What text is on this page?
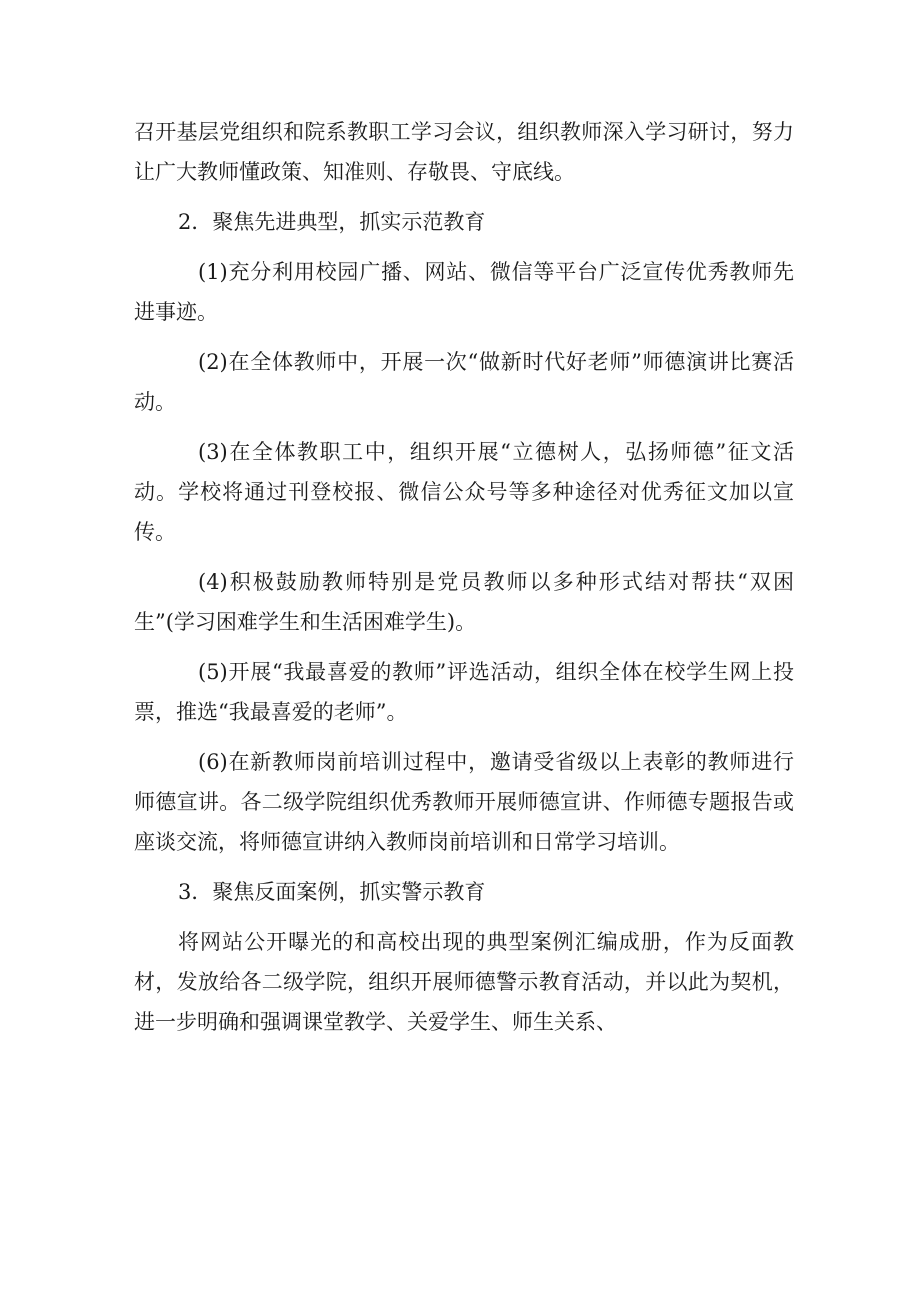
召开基层党组织和院系教职工学习会议，组织教师深入学习研讨，努力让广大教师懂政策、知准则、存敬畏、守底线。

2．聚焦先进典型，抓实示范教育

(1)充分利用校园广播、网站、微信等平台广泛宣传优秀教师先进事迹。

(2)在全体教师中，开展一次“做新时代好老师”师德演讲比赛活动。

(3)在全体教职工中，组织开展“立德树人，弘扬师德”征文活动。学校将通过刊登校报、微信公众号等多种途径对优秀征文加以宣传。

(4)积极鼓励教师特别是党员教师以多种形式结对帮扶“双困生”(学习困难学生和生活困难学生)。

(5)开展“我最喜爱的教师”评选活动，组织全体在校学生网上投票，推选“我最喜爱的老师”。

(6)在新教师岗前培训过程中，邀请受省级以上表彰的教师进行师德宣讲。各二级学院组织优秀教师开展师德宣讲、作师德专题报告或座谈交流，将师德宣讲纳入教师岗前培训和日常学习培训。

3．聚焦反面案例，抓实警示教育

将网站公开曝光的和高校出现的典型案例汇编成册，作为反面教材，发放给各二级学院，组织开展师德警示教育活动，并以此为契机，进一步明确和强调课堂教学、关爱学生、师生关系、
